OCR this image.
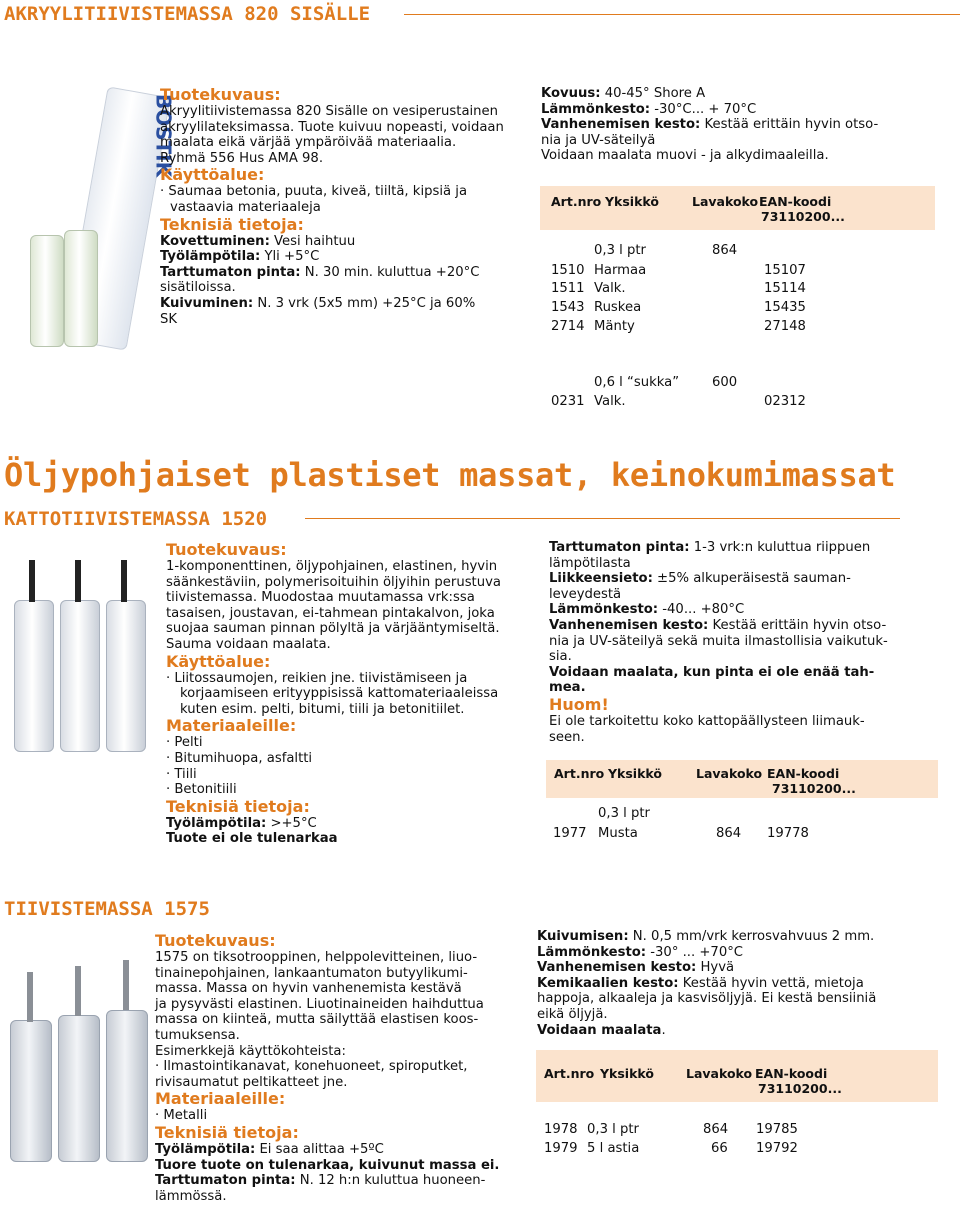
AKRYYLITIIVISTEMASSA 820 SISÄLLE
BOSTIK
Tuotekuvaus:
Akryylitiivistemassa 820 Sisälle on vesiperustainen
akryylilateksimassa. Tuote kuivuu nopeasti, voidaan
maalata eikä värjää ympäröivää materiaalia.
Ryhmä 556 Hus AMA 98.
Käyttöalue:
· Saumaa betonia, puuta, kiveä, tiiltä, kipsiä ja
vastaavia materiaaleja
Teknisiä tietoja:
Kovettuminen: Vesi haihtuu
Työlämpötila: Yli +5°C
Tarttumaton pinta: N. 30 min. kuluttua +20°C
sisätiloissa.
Kuivuminen: N. 3 vrk (5x5 mm) +25°C ja 60%
SK
Kovuus: 40-45° Shore A
Lämmönkesto: -30°C... + 70°C
Vanhenemisen kesto: Kestää erittäin hyvin otso-
nia ja UV-säteilyä
Voidaan maalata muovi - ja alkydimaaleilla.
Art.nro Yksikkö	Lavakoko EAN-koodi
73110200...
0,3 l ptr	864
1510 Harmaa	15107
1511 Valk.	15114
1543 Ruskea	15435
2714 Mänty	27148
0,6 l “sukka” 600
0231 Valk.	02312
Öljypohjaiset plastiset massat, keinokumimassat
KATTOTIIVISTEMASSA 1520
Tuotekuvaus:
1-komponenttinen, öljypohjainen, elastinen, hyvin
säänkestäviin, polymerisoituihin öljyihin perustuva
tiivistemassa. Muodostaa muutamassa vrk:ssa
tasaisen, joustavan, ei-tahmean pintakalvon, joka
suojaa sauman pinnan pölyltä ja värjääntymiseltä.
Sauma voidaan maalata.
Käyttöalue:
· Liitossaumojen, reikien jne. tiivistämiseen ja
korjaamiseen erityyppisissä kattomateriaaleissa
kuten esim. pelti, bitumi, tiili ja betonitiilet.
Materiaaleille:
· Pelti
· Bitumihuopa, asfaltti
· Tiili
· Betonitiili
Teknisiä tietoja:
Työlämpötila: >+5°C
Tuote ei ole tulenarkaa
Tarttumaton pinta: 1-3 vrk:n kuluttua riippuen
lämpötilasta
Liikkeensieto: ±5% alkuperäisestä sauman-
leveydestä
Lämmönkesto: -40... +80°C
Vanhenemisen kesto: Kestää erittäin hyvin otso-
nia ja UV-säteilyä sekä muita ilmastollisia vaikutuk-
sia.
Voidaan maalata, kun pinta ei ole enää tah-
mea.
Huom!
Ei ole tarkoitettu koko kattopäällysteen liimauk-
seen.
Art.nro Yksikkö	Lavakoko EAN-koodi
73110200...
0,3 l ptr
1977 Musta	864 19778
TIIVISTEMASSA 1575
Tuotekuvaus:
1575 on tiksotrooppinen, helppolevitteinen, liuo-
tinainepohjainen, lankaantumaton butyylikumi-
massa. Massa on hyvin vanhenemista kestävä
ja pysyvästi elastinen. Liuotinaineiden haihduttua
massa on kiinteä, mutta säilyttää elastisen koos-
tumuksensa.
Esimerkkejä käyttökohteista:
· Ilmastointikanavat, konehuoneet, spiroputket,
rivisaumatut peltikatteet jne.
Materiaaleille:
· Metalli
Teknisiä tietoja:
Työlämpötila: Ei saa alittaa +5ºC
Tuore tuote on tulenarkaa, kuivunut massa ei.
Tarttumaton pinta: N. 12 h:n kuluttua huoneen-
lämmössä.
Kuivumisen: N. 0,5 mm/vrk kerrosvahvuus 2 mm.
Lämmönkesto: -30° ... +70°C
Vanhenemisen kesto: Hyvä
Kemikaalien kesto: Kestää hyvin vettä, mietoja
happoja, alkaaleja ja kasvisöljyjä. Ei kestä bensiiniä
eikä öljyjä.
Voidaan maalata.
Art.nro Yksikkö	Lavakoko EAN-koodi
73110200...
1978 0,3 l ptr	864 19785
1979 5 l astia	66 19792
